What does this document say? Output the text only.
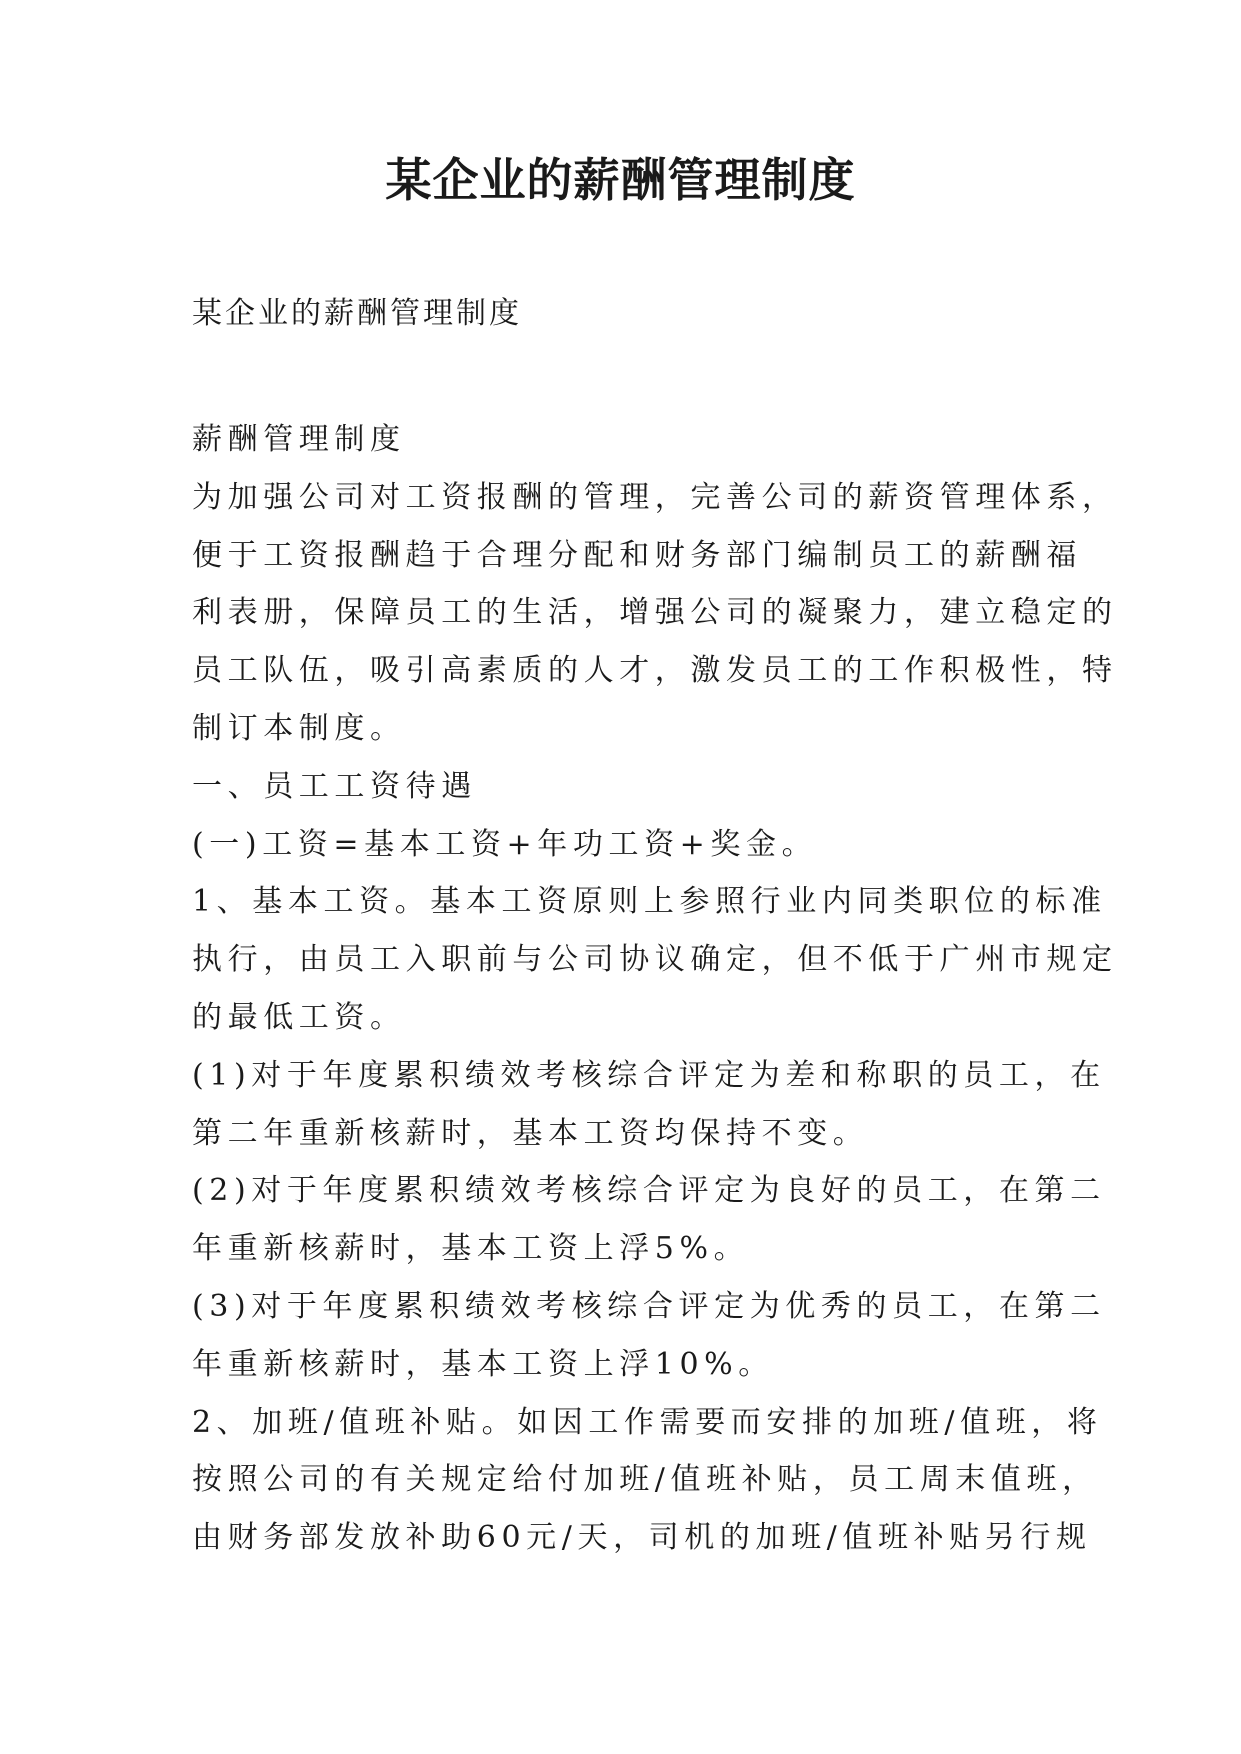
某企业的薪酬管理制度

某企业的薪酬管理制度

薪酬管理制度
为加强公司对工资报酬的管理，完善公司的薪资管理体系，
便于工资报酬趋于合理分配和财务部门编制员工的薪酬福
利表册，保障员工的生活，增强公司的凝聚力，建立稳定的
员工队伍，吸引高素质的人才，激发员工的工作积极性，特
制订本制度。
一、员工工资待遇
(一)工资=基本工资+年功工资+奖金。
1、基本工资。基本工资原则上参照行业内同类职位的标准
执行，由员工入职前与公司协议确定，但不低于广州市规定
的最低工资。
(1)对于年度累积绩效考核综合评定为差和称职的员工，在
第二年重新核薪时，基本工资均保持不变。
(2)对于年度累积绩效考核综合评定为良好的员工，在第二
年重新核薪时，基本工资上浮5%。
(3)对于年度累积绩效考核综合评定为优秀的员工，在第二
年重新核薪时，基本工资上浮10%。
2、加班/值班补贴。如因工作需要而安排的加班/值班，将
按照公司的有关规定给付加班/值班补贴，员工周末值班，
由财务部发放补助60元/天，司机的加班/值班补贴另行规
